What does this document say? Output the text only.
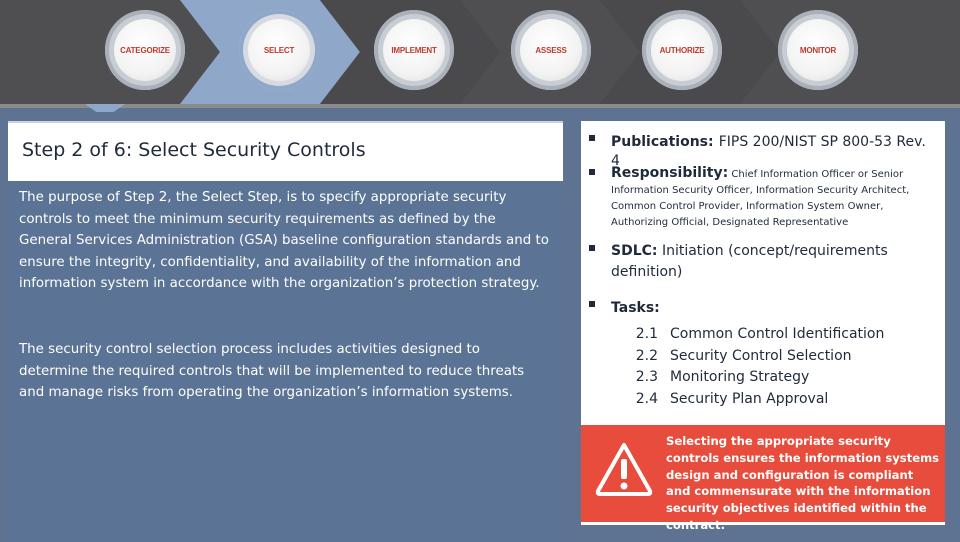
CATEGORIZE	SELECT	IMPLEMENT	ASSESS	AUTHORIZE	MONITOR
Step 2 of 6: Select Security Controls
The purpose of Step 2, the Select Step, is to specify appropriate security controls to meet the minimum security requirements as defined by the General Services Administration (GSA) baseline configuration standards and to ensure the integrity, confidentiality, and availability of the information and information system in accordance with the organization’s protection strategy.
The security control selection process includes activities designed to determine the required controls that will be implemented to reduce threats and manage risks from operating the organization’s information systems.
Publications: FIPS 200/NIST SP 800-53 Rev. 4
Responsibility: Chief Information Officer or Senior Information Security Officer, Information Security Architect, Common Control Provider, Information System Owner, Authorizing Official, Designated Representative
SDLC: Initiation (concept/requirements definition)
Tasks:
2.1 Common Control Identification
2.2 Security Control Selection
2.3 Monitoring Strategy
2.4 Security Plan Approval
Selecting the appropriate security controls ensures the information systems design and configuration is compliant and commensurate with the information security objectives identified within the contract.
